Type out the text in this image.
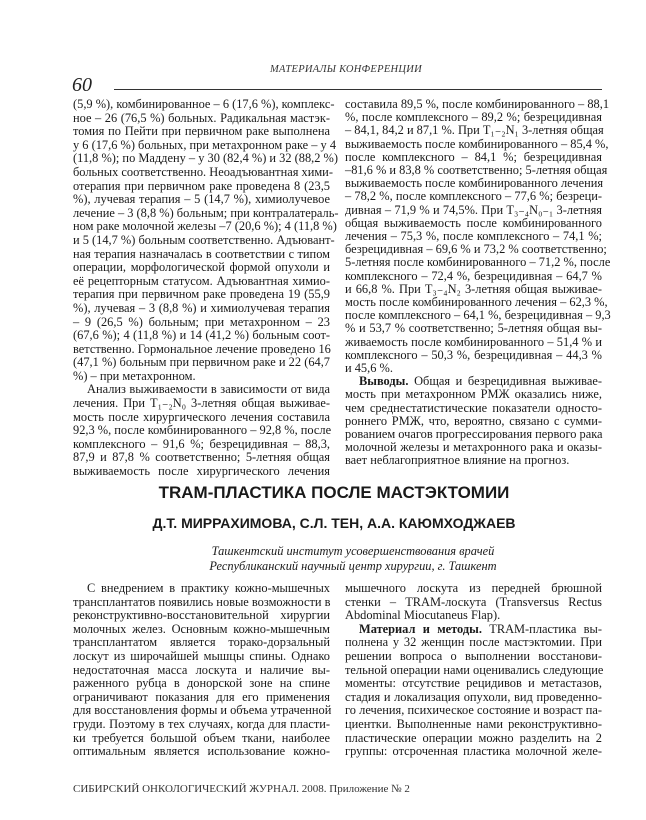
МАТЕРИАЛЫ КОНФЕРЕНЦИИ
60
(5,9 %), комбинированное – 6 (17,6 %), комплекс-
ное – 26 (76,5 %) больных. Радикальная мастэк-
томия по Пейти при первичном раке выполнена
у 6 (17,6 %) больных, при метахронном раке – у 4
(11,8 %); по Маддену – у 30 (82,4 %) и 32 (88,2 %)
больных соответственно. Неоадъювантная хими-
отерапия при первичном раке проведена 8 (23,5
%), лучевая терапия – 5 (14,7 %), химиолучевое
лечение – 3 (8,8 %) больным; при контралатераль-
ном раке молочной железы –7 (20,6 %); 4 (11,8 %)
и 5 (14,7 %) больным соответственно. Адъювант-
ная терапия назначалась в соответствии с типом
операции, морфологической формой опухоли и
её рецепторным статусом. Адъювантная химио-
терапия при первичном раке проведена 19 (55,9
%), лучевая – 3 (8,8 %) и химиолучевая терапия
– 9 (26,5 %) больным; при метахронном – 23
(67,6 %); 4 (11,8 %) и 14 (41,2 %) больным соот-
ветственно. Гормональное лечение проведено 16
(47,1 %) больным при первичном раке и 22 (64,7
%) – при метахронном.
Анализ выживаемости в зависимости от вида
лечения. При T₁₋₂N₀ 3-летняя общая выживае-
мость после хирургического лечения составила
92,3 %, после комбинированного – 92,8 %, после
комплексного – 91,6 %; безрецидивная – 88,3,
87,9 и 87,8 % соответственно; 5-летняя общая
выживаемость после хирургического лечения
составила 89,5 %, после комбинированного – 88,1
%, после комплексного – 89,2 %; безрецидивная
– 84,1, 84,2 и 87,1 %. При T₁₋₂N₁ 3-летняя общая
выживаемость после комбинированного – 85,4 %,
после комплексного – 84,1 %; безрецидивная
–81,6 % и 83,8 % соответственно; 5-летняя общая
выживаемость после комбинированного лечения
– 78,2 %, после комплексного – 77,6 %; безреци-
дивная – 71,9 % и 74,5%. При T₃₋₄N₀₋₁ 3-летняя
общая выживаемость после комбинированного
лечения – 75,3 %, после комплексного – 74,1 %;
безрецидивная – 69,6 % и 73,2 % соответственно;
5-летняя после комбинированного – 71,2 %, после
комплексного – 72,4 %, безрецидивная – 64,7 %
и 66,8 %. При T₃₋₄N₂ 3-летняя общая выживае-
мость после комбинированного лечения – 62,3 %,
после комплексного – 64,1 %, безрецидивная – 9,3
% и 53,7 % соответственно; 5-летняя общая вы-
живаемость после комбинированного – 51,4 % и
комплексного – 50,3 %, безрецидивная – 44,3 %
и 45,6 %.
Выводы. Общая и безрецидивная выживае-
мость при метахронном РМЖ оказались ниже,
чем среднестатистические показатели односто-
роннего РМЖ, что, вероятно, связано с сумми-
рованием очагов прогрессирования первого рака
молочной железы и метахронного рака и оказы-
вает неблагоприятное влияние на прогноз.
TRAM-ПЛАСТИКА ПОСЛЕ МАСТЭКТОМИИ
Д.Т. МИРРАХИМОВА, С.Л. ТЕН, А.А. КАЮМХОДЖАЕВ
Ташкентский институт усовершенствования врачей
Республиканский научный центр хирургии, г. Ташкент
С внедрением в практику кожно-мышечных
трансплантатов появились новые возможности в
реконструктивно-восстановительной хирургии
молочных желез. Основным кожно-мышечным
трансплантатом является торако-дорзальный
лоскут из широчайшей мышцы спины. Однако
недостаточная масса лоскута и наличие вы-
раженного рубца в донорской зоне на спине
ограничивают показания для его применения
для восстановления формы и объема утраченной
груди. Поэтому в тех случаях, когда для пласти-
ки требуется большой объем ткани, наиболее
оптимальным является использование кожно-
мышечного лоскута из передней брюшной
стенки – TRAM-лоскута (Transversus Rectus
Abdominal Miocutaneus Flap).
Материал и методы. TRAM-пластика вы-
полнена у 32 женщин после мастэктомии. При
решении вопроса о выполнении восстанови-
тельной операции нами оценивались следующие
моменты: отсутствие рецидивов и метастазов,
стадия и локализация опухоли, вид проведенно-
го лечения, психическое состояние и возраст па-
циентки. Выполненные нами реконструктивно-
пластические операции можно разделить на 2
группы: отсроченная пластика молочной желе-
СИБИРСКИЙ ОНКОЛОГИЧЕСКИЙ ЖУРНАЛ. 2008. Приложение № 2
